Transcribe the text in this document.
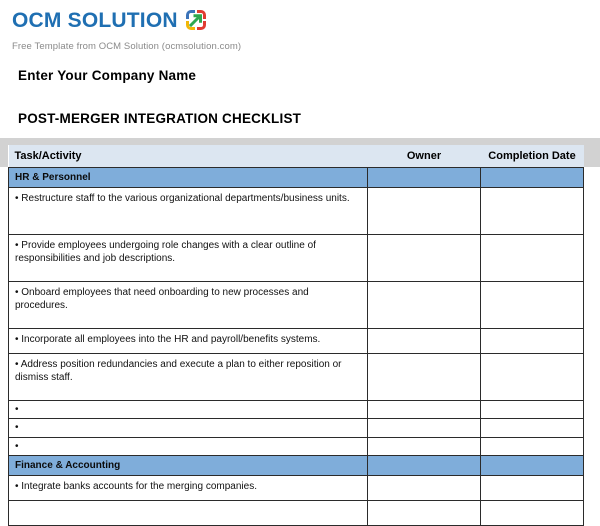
OCM SOLUTION
Free Template from OCM Solution (ocmsolution.com)
Enter Your Company Name
POST-MERGER INTEGRATION CHECKLIST
Task/Activity	Owner	Completion Date
HR & Personnel		
• Restructure staff to the various organizational departments/business units.		
• Provide employees undergoing role changes with a clear outline of responsibilities and job descriptions.		
• Onboard employees that need onboarding to new processes and procedures.		
• Incorporate all employees into the HR and payroll/benefits systems.		
• Address position redundancies and execute a plan to either reposition or dismiss staff.		
•		
•		
•		
Finance & Accounting		
• Integrate banks accounts for the merging companies.		
